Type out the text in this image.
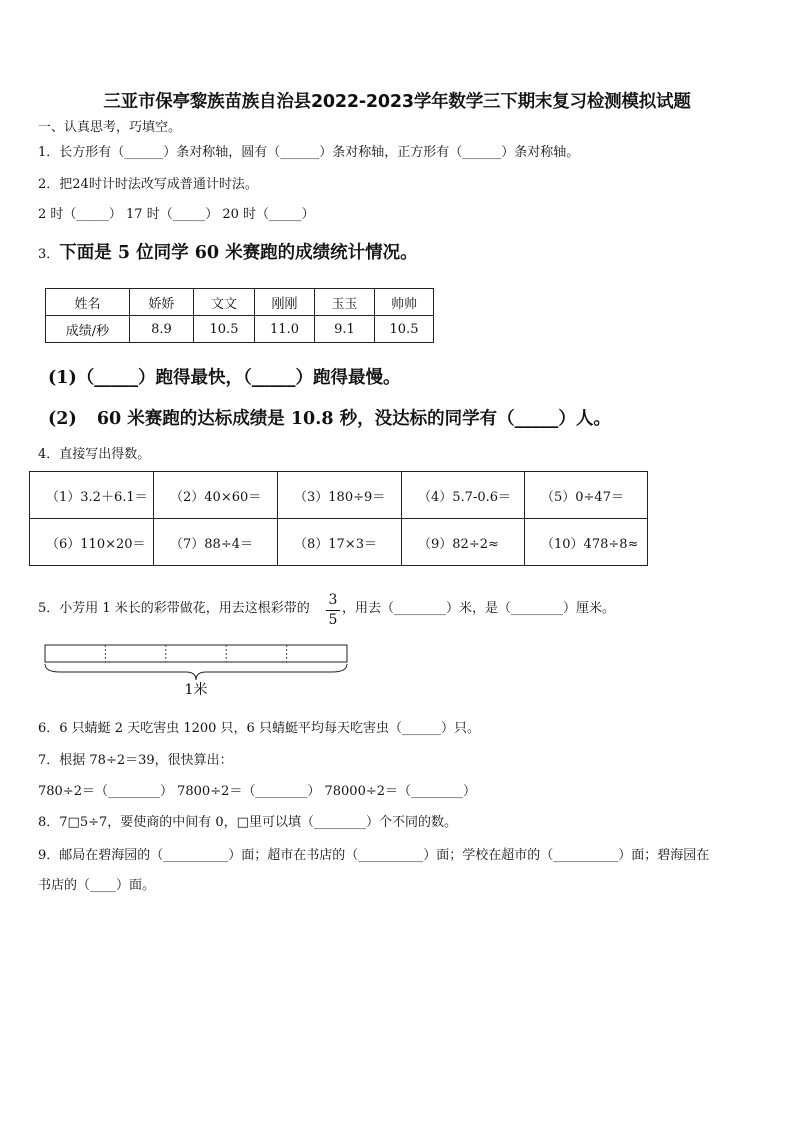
三亚市保亭黎族苗族自治县2022-2023学年数学三下期末复习检测模拟试题
一、认真思考，巧填空。
1．长方形有（______）条对称轴，圆有（______）条对称轴，正方形有（______）条对称轴。
2．把24时计时法改写成普通计时法。
2 时（_____） 17 时（_____） 20 时（_____）
3．下面是 5 位同学 60 米赛跑的成绩统计情况。
姓名	娇娇	文文	刚刚	玉玉	帅帅
成绩/秒	8.9	10.5	11.0	9.1	10.5
(1)（_____）跑得最快，（_____）跑得最慢。
(2) 60 米赛跑的达标成绩是 10.8 秒，没达标的同学有（_____）人。
4．直接写出得数。
（1）3.2＋6.1＝	（2）40×60＝	（3）180÷9＝	（4）5.7-0.6＝	（5）0÷47＝
（6）110×20＝	（7）88÷4＝	（8）17×3＝	（9）82÷2≈	（10）478÷8≈
5．小芳用 1 米长的彩带做花，用去这根彩带的
3
5
，用去（________）米，是（________）厘米。
1米
6．6 只蜻蜓 2 天吃害虫 1200 只，6 只蜻蜓平均每天吃害虫（______）只。
7．根据 78÷2＝39，很快算出：
780÷2＝（________） 7800÷2＝（________） 78000÷2＝（________）
8．7□5÷7，要使商的中间有 0，□里可以填（________）个不同的数。
9．邮局在碧海园的（__________）面；超市在书店的（__________）面；学校在超市的（__________）面；碧海园在
书店的（____）面。
